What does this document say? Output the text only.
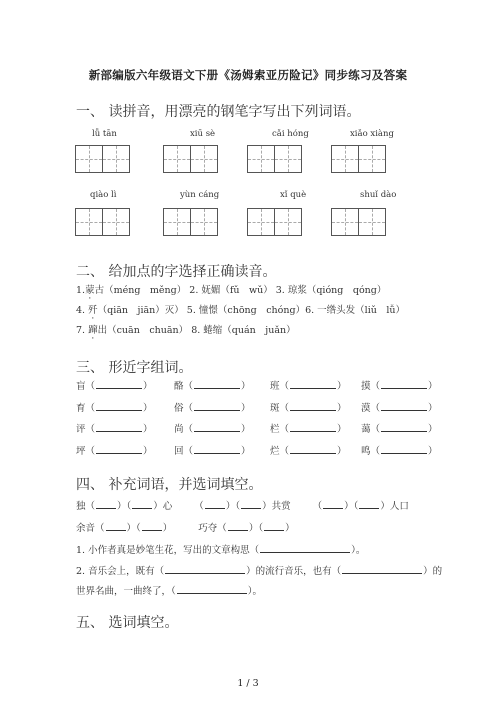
新部编版六年级语文下册《汤姆索亚历险记》同步练习及答案
一、 读拼音，用漂亮的钢笔字写出下列词语。
lǚ tān	xiū sè	cǎi hóng	xiǎo xiàng
qiào lì	yùn cáng	xǐ què	shuǐ dào
二、 给加点的字选择正确读音。
1.蒙古（méng　měng） 2. 妩媚（fǔ　wǔ） 3. 琼浆（qióng　qóng）
4. 歼（qiān　jiān）灭） 5. 憧憬（chōng　chóng）6. 一绺头发（liǔ　lǚ）
7. 蹿出（cuān　chuān） 8. 蜷缩（quán　juǎn）
三、 形近字组词。
盲（	） 酪（	） 班（	） 摸（	）
育（	） 俗（	） 斑（	） 漠（	）
评（	） 尚（	） 栏（	） 蔼（	）
坪（	） 回（	） 烂（	） 鸣（	）
四、 补充词语，并选词填空。
独（ ）（ ）心 （ ）（ ）共赏 （ ）（ ）人口
余音（ ）（ ）	巧夺（ ）（ ）
1. 小作者真是妙笔生花，写出的文章构思（	）。
2. 音乐会上，既有（	）的流行音乐，也有（	）的
世界名曲，一曲终了，（	）。
五、 选词填空。
1 / 3
